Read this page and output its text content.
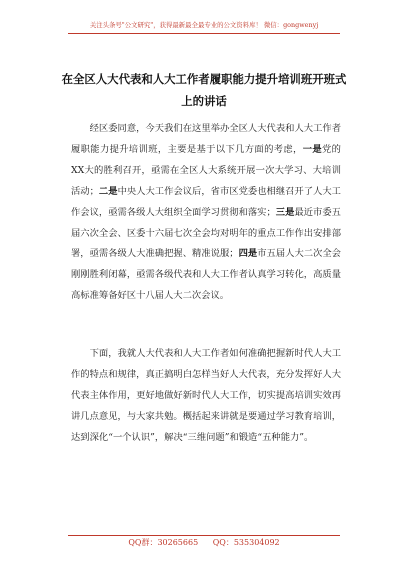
关注头条号"公文研究"，获得最新最全最专业的公文资料库！ 微信：gongwenyj
在全区人大代表和人大工作者履职能力提升培训班开班式
上的讲话

经区委同意，今天我们在这里举办全区人大代表和人大工作者履职能力提升培训班，主要是基于以下几方面的考虑，一是党的XX大的胜利召开，亟需在全区人大系统开展一次大学习、大培训活动；二是中央人大工作会议后，省市区党委也相继召开了人大工作会议，亟需各级人大组织全面学习贯彻和落实；三是最近市委五届六次全会、区委十六届七次全会均对明年的重点工作作出安排部署，亟需各级人大准确把握、精准说服；四是市五届人大二次全会刚刚胜利闭幕，亟需各级代表和人大工作者认真学习转化，高质量高标准筹备好区十八届人大二次会议。

下面，我就人大代表和人大工作者如何准确把握新时代人大工作的特点和规律，真正搞明白怎样当好人大代表，充分发挥好人大代表主体作用，更好地做好新时代人大工作，切实提高培训实效再讲几点意见，与大家共勉。概括起来讲就是要通过学习教育培训，达到深化“一个认识”，解决“三维问题”和锻造“五种能力”。

QQ群：30265665 QQ：535304092
